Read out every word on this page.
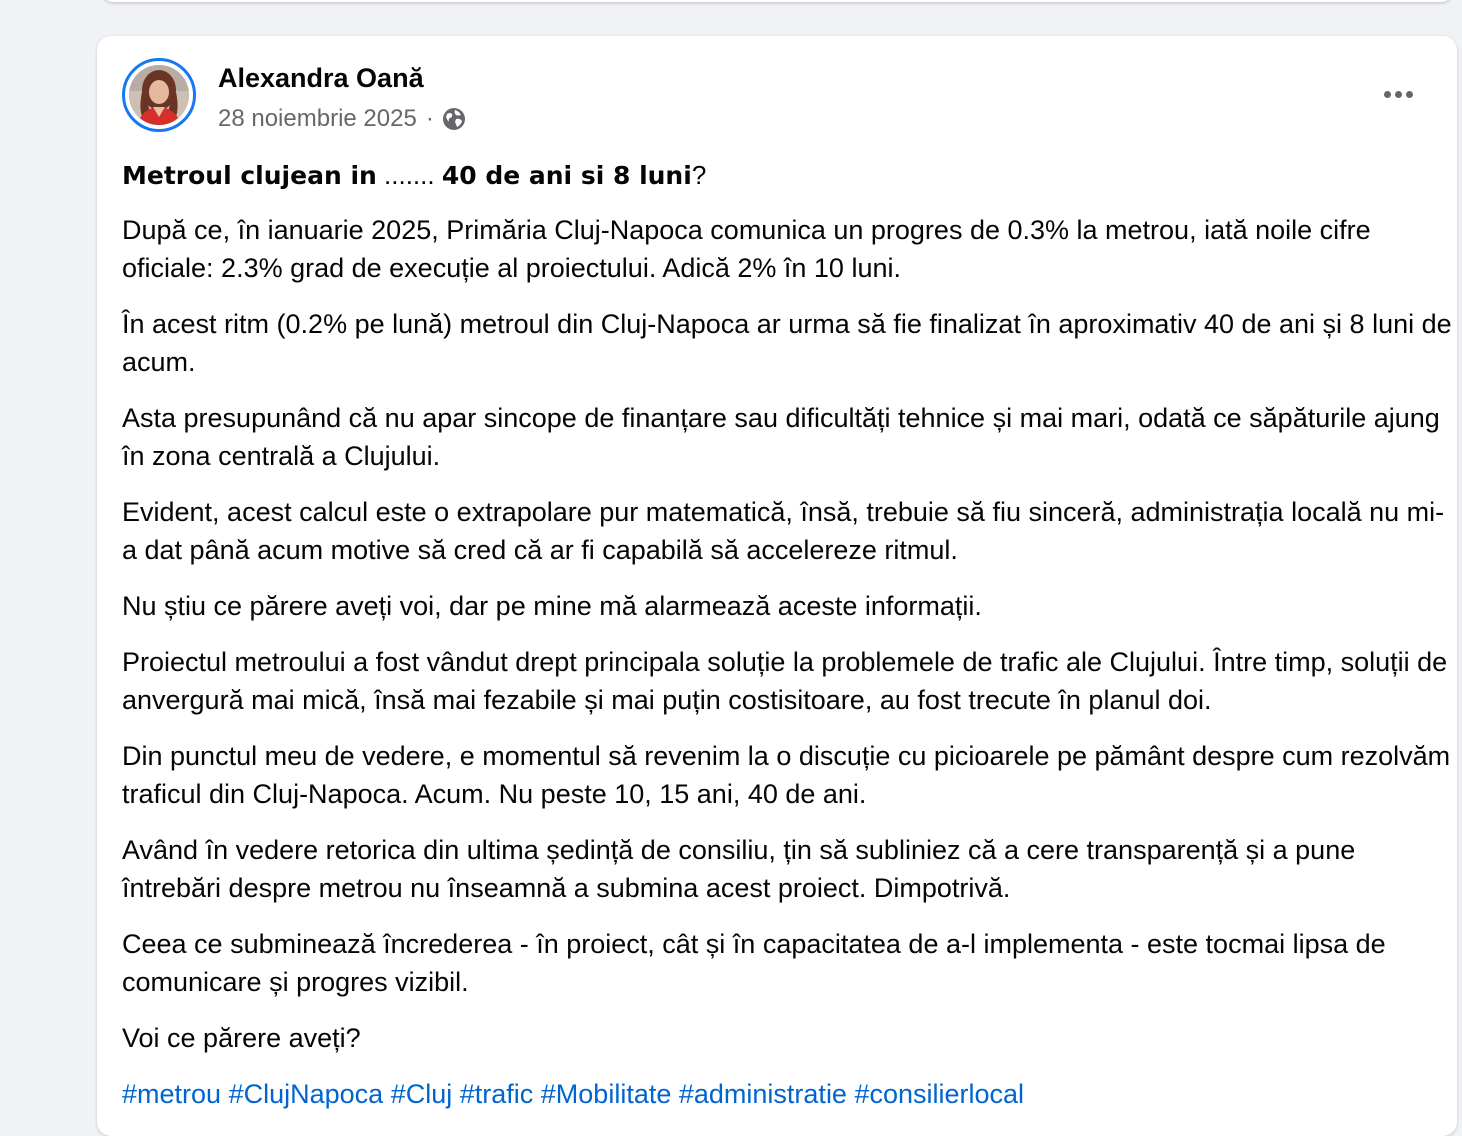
Alexandra Oană
28 noiembrie 2025 ·

Metroul clujean in ....... 40 de ani si 8 luni?

După ce, în ianuarie 2025, Primăria Cluj-Napoca comunica un progres de 0.3% la metrou, iată noile cifre oficiale: 2.3% grad de execuție al proiectului. Adică 2% în 10 luni.

În acest ritm (0.2% pe lună) metroul din Cluj-Napoca ar urma să fie finalizat în aproximativ 40 de ani și 8 luni de acum.

Asta presupunând că nu apar sincope de finanțare sau dificultăți tehnice și mai mari, odată ce săpăturile ajung în zona centrală a Clujului.

Evident, acest calcul este o extrapolare pur matematică, însă, trebuie să fiu sinceră, administrația locală nu mi-a dat până acum motive să cred că ar fi capabilă să accelereze ritmul.

Nu știu ce părere aveți voi, dar pe mine mă alarmează aceste informații.

Proiectul metroului a fost vândut drept principala soluție la problemele de trafic ale Clujului. Între timp, soluții de anvergură mai mică, însă mai fezabile și mai puțin costisitoare, au fost trecute în planul doi.

Din punctul meu de vedere, e momentul să revenim la o discuție cu picioarele pe pământ despre cum rezolvăm traficul din Cluj-Napoca. Acum. Nu peste 10, 15 ani, 40 de ani.

Având în vedere retorica din ultima ședință de consiliu, țin să subliniez că a cere transparență și a pune întrebări despre metrou nu înseamnă a submina acest proiect. Dimpotrivă.

Ceea ce subminează încrederea - în proiect, cât și în capacitatea de a-l implementa - este tocmai lipsa de comunicare și progres vizibil.

Voi ce părere aveți?

#metrou #ClujNapoca #Cluj #trafic #Mobilitate #administratie #consilierlocal
